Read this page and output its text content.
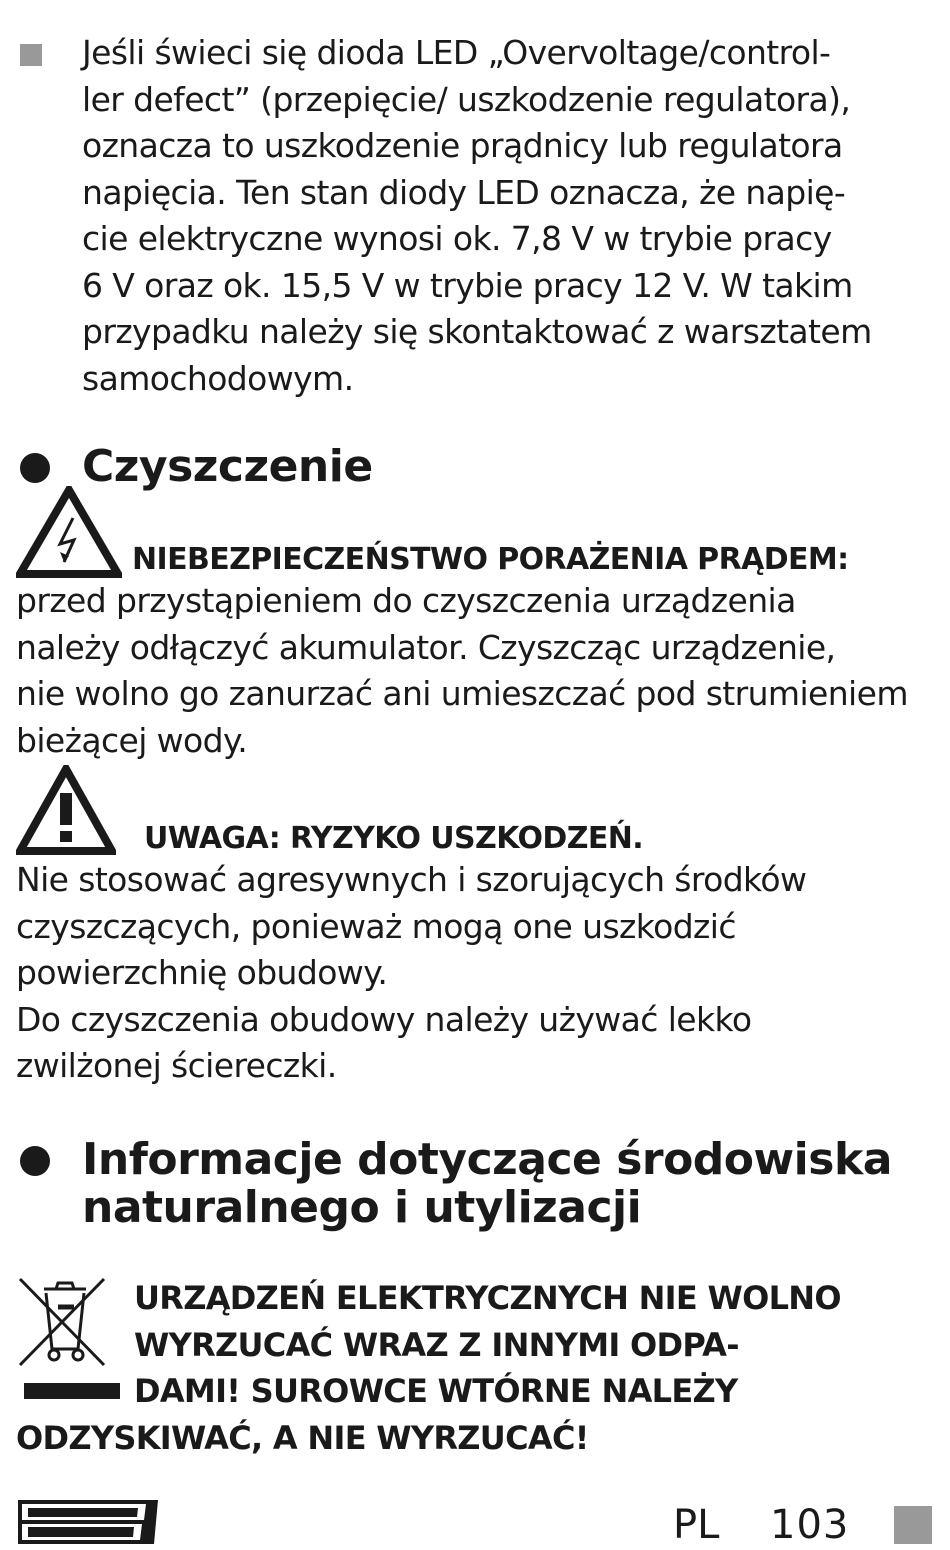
Jeśli świeci się dioda LED „Overvoltage/control-
ler defect” (przepięcie/ uszkodzenie regulatora),
oznacza to uszkodzenie prądnicy lub regulatora
napięcia. Ten stan diody LED oznacza, że napię-
cie elektryczne wynosi ok. 7,8 V w trybie pracy
6 V oraz ok. 15,5 V w trybie pracy 12 V. W takim
przypadku należy się skontaktować z warsztatem
samochodowym.
Czyszczenie
NIEBEZPIECZEŃSTWO PORAŻENIA PRĄDEM:
przed przystąpieniem do czyszczenia urządzenia
należy odłączyć akumulator. Czyszcząc urządzenie,
nie wolno go zanurzać ani umieszczać pod strumieniem
bieżącej wody.
UWAGA: RYZYKO USZKODZEŃ.
Nie stosować agresywnych i szorujących środków
czyszczących, ponieważ mogą one uszkodzić
powierzchnię obudowy.
Do czyszczenia obudowy należy używać lekko
zwilżonej ściereczki.
Informacje dotyczące środowiska
naturalnego i utylizacji
URZĄDZEŃ ELEKTRYCZNYCH NIE WOLNO
WYRZUCAĆ WRAZ Z INNYMI ODPA-
DAMI! SUROWCE WTÓRNE NALEŻY
ODZYSKIWAĆ, A NIE WYRZUCAĆ!
PL 103
